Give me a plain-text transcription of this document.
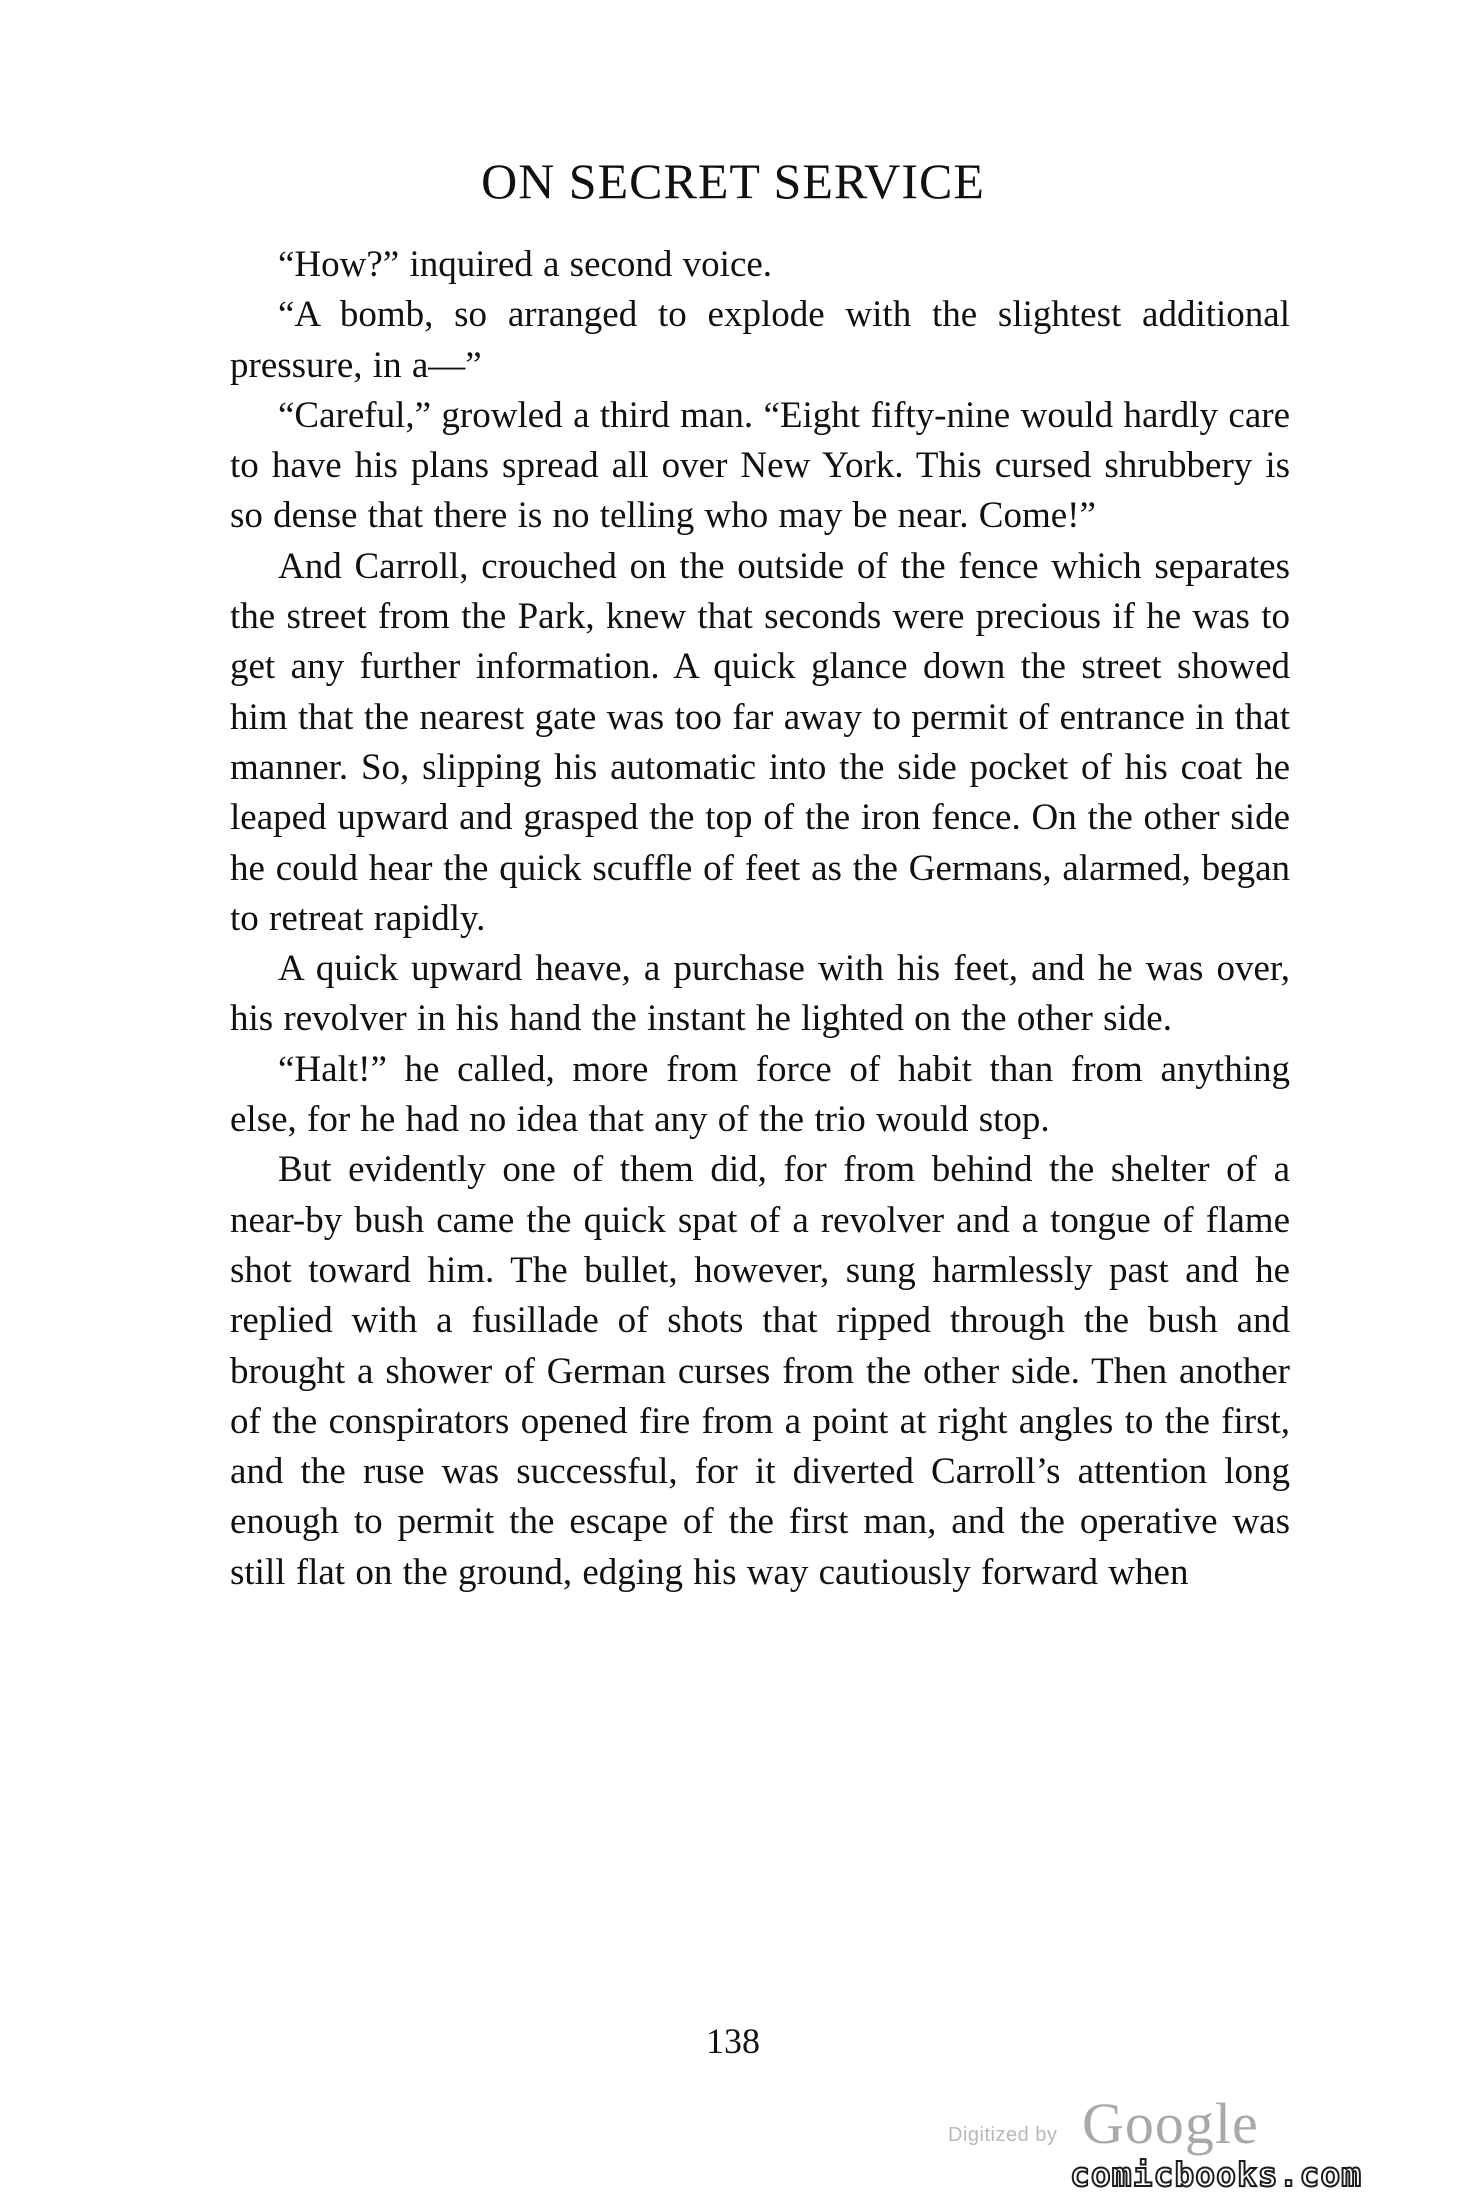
ON SECRET SERVICE

“How?” inquired a second voice.

“A bomb, so arranged to explode with the slightest additional pressure, in a—”

“Careful,” growled a third man. “Eight fifty-nine would hardly care to have his plans spread all over New York. This cursed shrubbery is so dense that there is no telling who may be near. Come!”

And Carroll, crouched on the outside of the fence which separates the street from the Park, knew that seconds were precious if he was to get any further information. A quick glance down the street showed him that the nearest gate was too far away to permit of entrance in that manner. So, slipping his automatic into the side pocket of his coat he leaped upward and grasped the top of the iron fence. On the other side he could hear the quick scuffle of feet as the Germans, alarmed, began to retreat rapidly.

A quick upward heave, a purchase with his feet, and he was over, his revolver in his hand the instant he lighted on the other side.

“Halt!” he called, more from force of habit than from anything else, for he had no idea that any of the trio would stop.

But evidently one of them did, for from behind the shelter of a near-by bush came the quick spat of a revolver and a tongue of flame shot toward him. The bullet, however, sung harmlessly past and he replied with a fusillade of shots that ripped through the bush and brought a shower of German curses from the other side. Then another of the conspirators opened fire from a point at right angles to the first, and the ruse was successful, for it diverted Carroll’s attention long enough to permit the escape of the first man, and the operative was still flat on the ground, edging his way cautiously forward when

138
Digitized by Google
comicbooks.com
